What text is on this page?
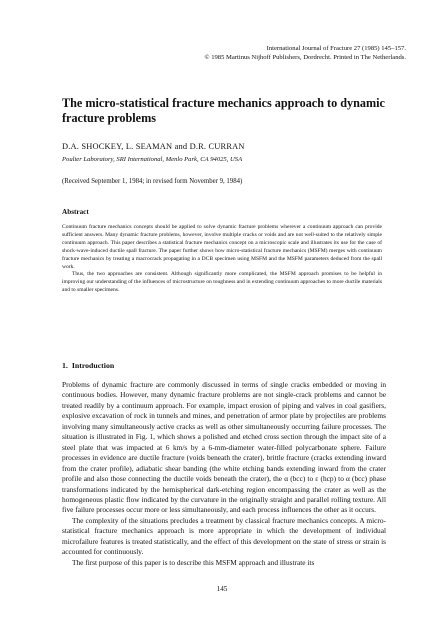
International Journal of Fracture 27 (1985) 145–157.
© 1985 Martinus Nijhoff Publishers, Dordrecht. Printed in The Netherlands.
The micro-statistical fracture mechanics approach to dynamic fracture problems
D.A. SHOCKEY, L. SEAMAN and D.R. CURRAN
Poulter Laboratory, SRI International, Menlo Park, CA 94025, USA
(Received September 1, 1984; in revised form November 9, 1984)
Abstract

Continuum fracture mechanics concepts should be applied to solve dynamic fracture problems wherever a continuum approach can provide sufficient answers. Many dynamic fracture problems, however, involve multiple cracks or voids and are not well-suited to the relatively simple continuum approach. This paper describes a statistical fracture mechanics concept on a microscopic scale and illustrates its use for the case of shock-wave-induced ductile spall fracture. The paper further shows how micro-statistical fracture mechanics (MSFM) merges with continuum fracture mechanics by treating a macrocrack propagating in a DCB specimen using MSFM and the MSFM parameters deduced from the spall work.

Thus, the two approaches are consistent. Although significantly more complicated, the MSFM approach promises to be helpful in improving our understanding of the influences of microstructure on toughness and in extending continuum approaches to more ductile materials and to smaller specimens.

1. Introduction

Problems of dynamic fracture are commonly discussed in terms of single cracks embedded or moving in continuous bodies. However, many dynamic fracture problems are not single-crack problems and cannot be treated readily by a continuum approach. For example, impact erosion of piping and valves in coal gasifiers, explosive excavation of rock in tunnels and mines, and penetration of armor plate by projectiles are problems involving many simultaneously active cracks as well as other simultaneously occurring failure processes. The situation is illustrated in Fig. 1, which shows a polished and etched cross section through the impact site of a steel plate that was impacted at 6 km/s by a 6-mm-diameter water-filled polycarbonate sphere. Failure processes in evidence are ductile fracture (voids beneath the crater), brittle fracture (cracks extending inward from the crater profile), adiabatic shear banding (the white etching bands extending inward from the crater profile and also those connecting the ductile voids beneath the crater), the α (bcc) to ε (hcp) to α (bcc) phase transformations indicated by the hemispherical dark-etching region encompassing the crater as well as the homogeneous plastic flow indicated by the curvature in the originally straight and parallel rolling texture. All five failure processes occur more or less simultaneously, and each process influences the other as it occurs.

The complexity of the situations precludes a treatment by classical fracture mechanics concepts. A micro-statistical fracture mechanics approach is more appropriate in which the development of individual microfailure features is treated statistically, and the effect of this development on the state of stress or strain is accounted for continuously.

The first purpose of this paper is to describe this MSFM approach and illustrate its

145
